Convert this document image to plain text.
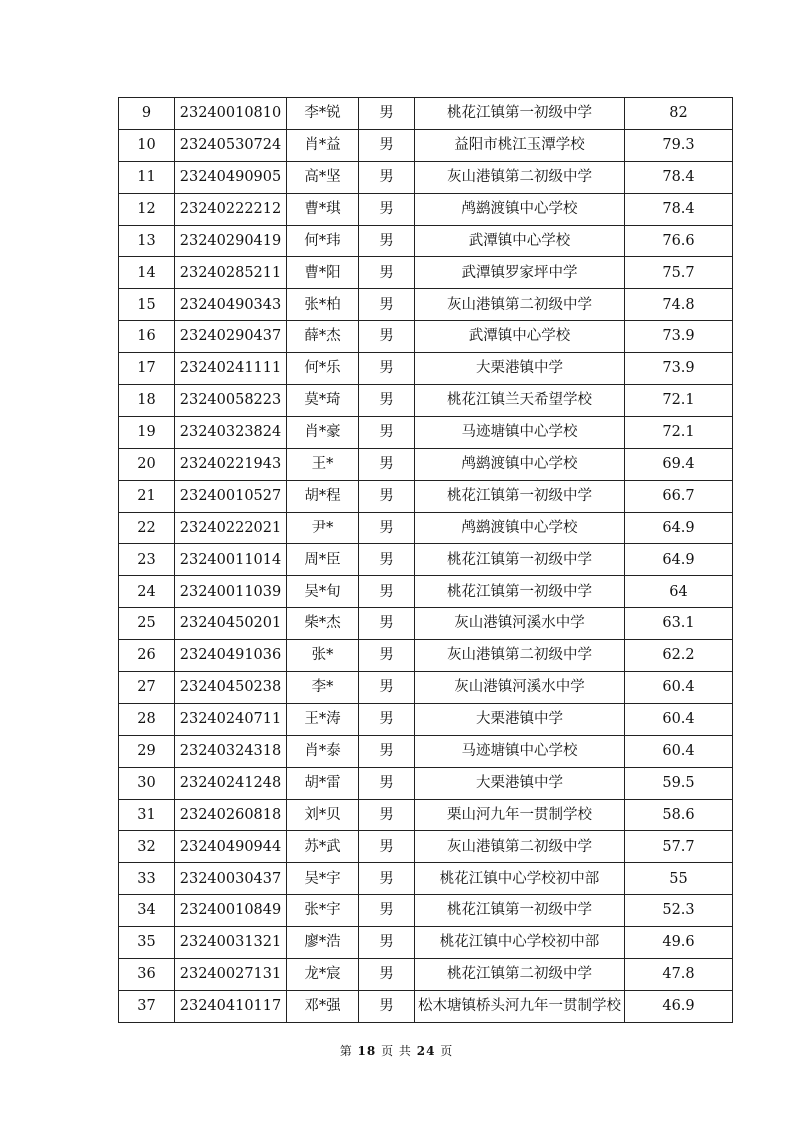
9	23240010810	李*锐	男	桃花江镇第一初级中学	82
10	23240530724	肖*益	男	益阳市桃江玉潭学校	79.3
11	23240490905	高*坚	男	灰山港镇第二初级中学	78.4
12	23240222212	曹*琪	男	鸬鹚渡镇中心学校	78.4
13	23240290419	何*玮	男	武潭镇中心学校	76.6
14	23240285211	曹*阳	男	武潭镇罗家坪中学	75.7
15	23240490343	张*柏	男	灰山港镇第二初级中学	74.8
16	23240290437	薛*杰	男	武潭镇中心学校	73.9
17	23240241111	何*乐	男	大栗港镇中学	73.9
18	23240058223	莫*琦	男	桃花江镇兰天希望学校	72.1
19	23240323824	肖*豪	男	马迹塘镇中心学校	72.1
20	23240221943	王*	男	鸬鹚渡镇中心学校	69.4
21	23240010527	胡*程	男	桃花江镇第一初级中学	66.7
22	23240222021	尹*	男	鸬鹚渡镇中心学校	64.9
23	23240011014	周*臣	男	桃花江镇第一初级中学	64.9
24	23240011039	吴*旬	男	桃花江镇第一初级中学	64
25	23240450201	柴*杰	男	灰山港镇河溪水中学	63.1
26	23240491036	张*	男	灰山港镇第二初级中学	62.2
27	23240450238	李*	男	灰山港镇河溪水中学	60.4
28	23240240711	王*涛	男	大栗港镇中学	60.4
29	23240324318	肖*泰	男	马迹塘镇中心学校	60.4
30	23240241248	胡*雷	男	大栗港镇中学	59.5
31	23240260818	刘*贝	男	栗山河九年一贯制学校	58.6
32	23240490944	苏*武	男	灰山港镇第二初级中学	57.7
33	23240030437	吴*宇	男	桃花江镇中心学校初中部	55
34	23240010849	张*宇	男	桃花江镇第一初级中学	52.3
35	23240031321	廖*浩	男	桃花江镇中心学校初中部	49.6
36	23240027131	龙*宸	男	桃花江镇第二初级中学	47.8
37	23240410117	邓*强	男	松木塘镇桥头河九年一贯制学校	46.9
第 18 页 共 24 页
